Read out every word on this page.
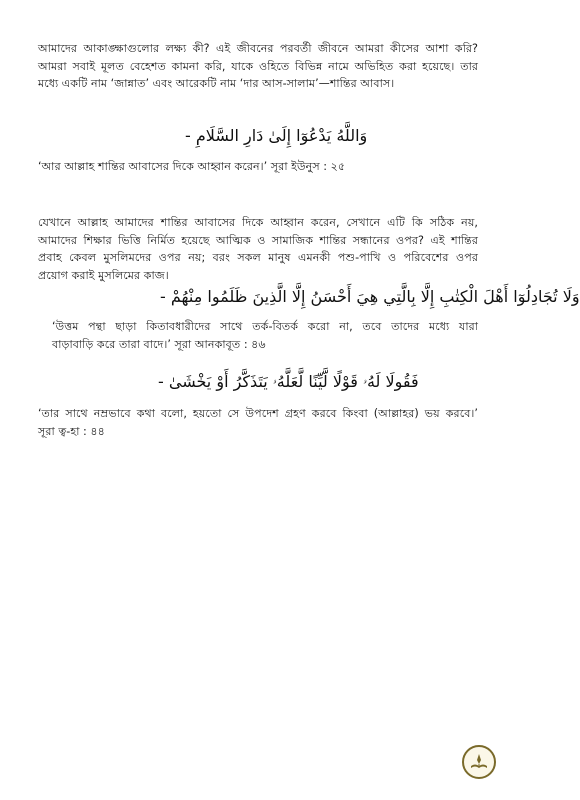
আমাদের আকাঙ্ক্ষাগুলোর লক্ষ্য কী? এই জীবনের পরবর্তী জীবনে আমরা কীসের আশা করি?
আমরা সবাই মূলত বেহেশত কামনা করি, যাকে ওহিতে বিভিন্ন নামে অভিহিত করা হয়েছে। তার
মধ্যে একটি নাম ‘জান্নাত’ এবং আরেকটি নাম ‘দার আস-সালাম’—শান্তির আবাস।
وَاللَّهُ يَدْعُوٓا إِلَىٰ دَارِ السَّلَامِ -
‘আর আল্লাহ শান্তির আবাসের দিকে আহ্বান করেন।’ সূরা ইউনুস : ২৫
যেখানে আল্লাহ আমাদের শান্তির আবাসের দিকে আহ্বান করেন, সেখানে এটি কি সঠিক নয়,
আমাদের শিক্ষার ভিত্তি নির্মিত হয়েছে আত্মিক ও সামাজিক শান্তির সন্ধানের ওপর? এই শান্তির
প্রবাহ কেবল মুসলিমদের ওপর নয়; বরং সকল মানুষ এমনকী পশু-পাখি ও পরিবেশের ওপর
প্রয়োগ করাই মুসলিমের কাজ।
وَلَا تُجَادِلُوٓا أَهْلَ الْكِتٰبِ إِلَّا بِالَّتِي هِيَ أَحْسَنُ إِلَّا الَّذِينَ ظَلَمُوا مِنْهُمْ -
‘উত্তম পন্থা ছাড়া কিতাবধারীদের সাথে তর্ক-বিতর্ক করো না, তবে তাদের মধ্যে যারা
বাড়াবাড়ি করে তারা বাদে।’ সূরা আনকাবূত : ৪৬
فَقُولَا لَهُۥ قَوْلًا لَّيِّنًا لَّعَلَّهُۥ يَتَذَكَّرُ أَوْ يَخْشَىٰ -
‘তার সাথে নম্রভাবে কথা বলো, হয়তো সে উপদেশ গ্রহণ করবে কিংবা (আল্লাহর) ভয় করবে।’
সূরা ত্ব-হা : ৪৪
